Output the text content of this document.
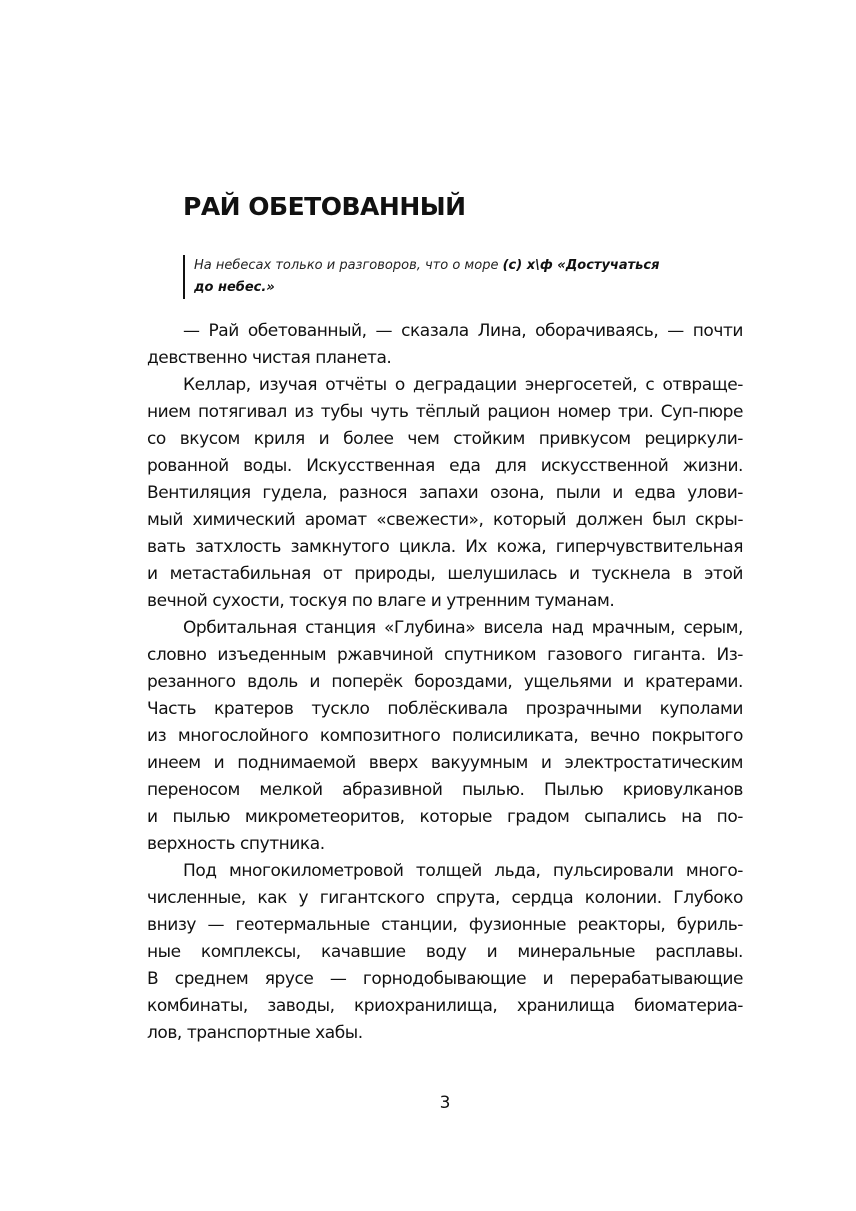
РАЙ ОБЕТОВАННЫЙ
На небесах только и разговоров, что о море (с) х\ф «Достучаться
до небес.»
— Рай обетованный, — сказала Лина, оборачиваясь, — почти
девственно чистая планета.
Келлар, изучая отчёты о деградации энергосетей, с отвраще-
нием потягивал из тубы чуть тёплый рацион номер три. Суп-пюре
со вкусом криля и более чем стойким привкусом рециркули-
рованной воды. Искусственная еда для искусственной жизни.
Вентиляция гудела, разнося запахи озона, пыли и едва улови-
мый химический аромат «свежести», который должен был скры-
вать затхлость замкнутого цикла. Их кожа, гиперчувствительная
и метастабильная от природы, шелушилась и тускнела в этой
вечной сухости, тоскуя по влаге и утренним туманам.
Орбитальная станция «Глубина» висела над мрачным, серым,
словно изъеденным ржавчиной спутником газового гиганта. Из-
резанного вдоль и поперёк бороздами, ущельями и кратерами.
Часть кратеров тускло поблёскивала прозрачными куполами
из многослойного композитного полисиликата, вечно покрытого
инеем и поднимаемой вверх вакуумным и электростатическим
переносом мелкой абразивной пылью. Пылью криовулканов
и пылью микрометеоритов, которые градом сыпались на по-
верхность спутника.
Под многокилометровой толщей льда, пульсировали много-
численные, как у гигантского спрута, сердца колонии. Глубоко
внизу — геотермальные станции, фузионные реакторы, буриль-
ные комплексы, качавшие воду и минеральные расплавы.
В среднем ярусе — горнодобывающие и перерабатывающие
комбинаты, заводы, криохранилища, хранилища биоматериа-
лов, транспортные хабы.
3
